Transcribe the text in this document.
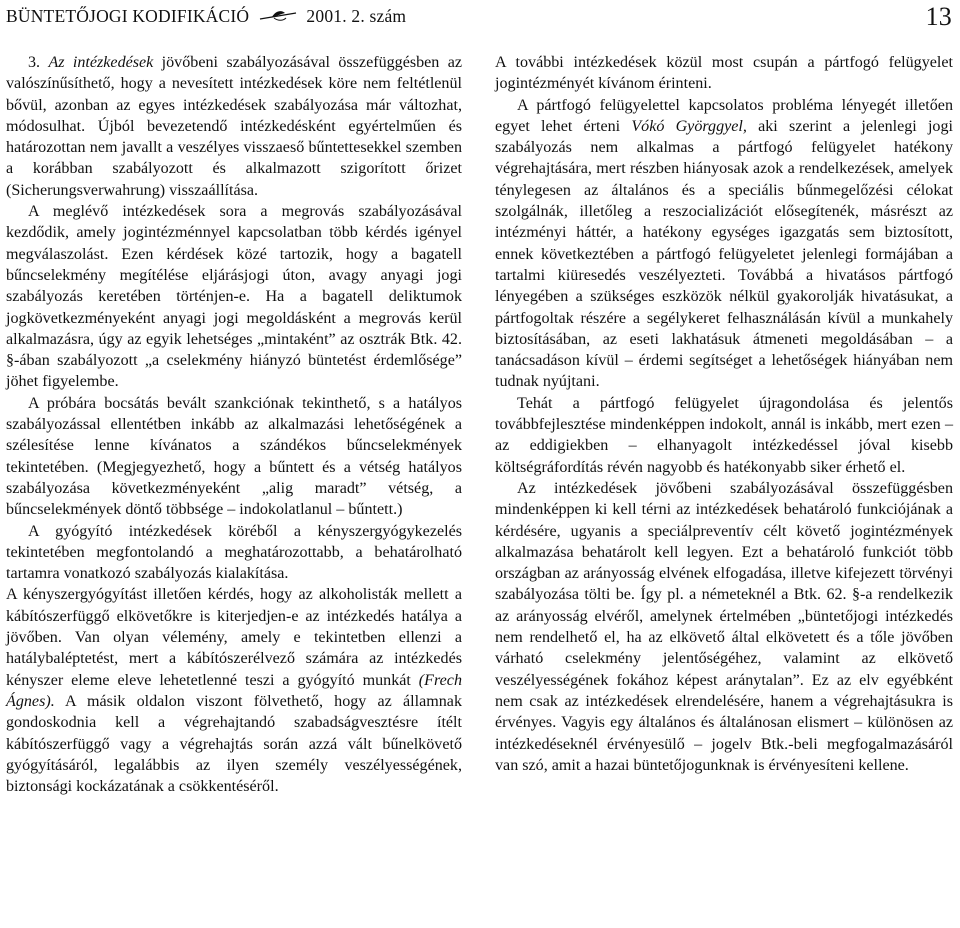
BÜNTETŐJOGI KODIFIKÁCIÓ	2001. 2. szám	13

3. Az intézkedések jövőbeni szabályozásával összefüggésben az valószínűsíthető, hogy a nevesített intézkedések köre nem feltétlenül bővül, azonban az egyes intézkedések szabályozása már változhat, módosulhat. Újból bevezetendő intézkedésként egyértelműen és határozottan nem javallt a veszélyes visszaeső bűntettesekkel szemben a korábban szabályozott és alkalmazott szigorított őrizet (Sicherungsverwahrung) visszaállítása.

A meglévő intézkedések sora a megrovás szabályozásával kezdődik, amely jogintézménnyel kapcsolatban több kérdés igényel megválaszolást. Ezen kérdések közé tartozik, hogy a bagatell bűncselekmény megítélése eljárásjogi úton, avagy anyagi jogi szabályozás keretében történjen-e. Ha a bagatell deliktumok jogkövetkezményeként anyagi jogi megoldásként a megrovás kerül alkalmazásra, úgy az egyik lehetséges „mintaként” az osztrák Btk. 42. §-ában szabályozott „a cselekmény hiányzó büntetést érdemlősége” jöhet figyelembe.

A próbára bocsátás bevált szankciónak tekinthető, s a hatályos szabályozással ellentétben inkább az alkalmazási lehetőségének a szélesítése lenne kívánatos a szándékos bűncselekmények tekintetében. (Megjegyezhető, hogy a bűntett és a vétség hatályos szabályozása következményeként „alig maradt” vétség, a bűncselekmények döntő többsége – indokolatlanul – bűntett.)

A gyógyító intézkedések köréből a kényszergyógykezelés tekintetében megfontolandó a meghatározottabb, a behatárolható tartamra vonatkozó szabályozás kialakítása.

A kényszergyógyítást illetően kérdés, hogy az alkoholisták mellett a kábítószerfüggő elkövetőkre is kiterjedjen-e az intézkedés hatálya a jövőben. Van olyan vélemény, amely e tekintetben ellenzi a hatálybaléptetést, mert a kábítószerélvező számára az intézkedés kényszer eleme eleve lehetetlenné teszi a gyógyító munkát (Frech Ágnes). A másik oldalon viszont fölvethető, hogy az államnak gondoskodnia kell a végrehajtandó szabadságvesztésre ítélt kábítószerfüggő vagy a végrehajtás során azzá vált bűnelkövető gyógyításáról, legalábbis az ilyen személy veszélyességének, biztonsági kockázatának a csökkentéséről.

A további intézkedések közül most csupán a pártfogó felügyelet jogintézményét kívánom érinteni.

A pártfogó felügyelettel kapcsolatos probléma lényegét illetően egyet lehet érteni Vókó Györggyel, aki szerint a jelenlegi jogi szabályozás nem alkalmas a pártfogó felügyelet hatékony végrehajtására, mert részben hiányosak azok a rendelkezések, amelyek ténylegesen az általános és a speciális bűnmegelőzési célokat szolgálnák, illetőleg a reszocializációt elősegítenék, másrészt az intézményi háttér, a hatékony egységes igazgatás sem biztosított, ennek következtében a pártfogó felügyeletet jelenlegi formájában a tartalmi kiüresedés veszélyezteti. Továbbá a hivatásos pártfogó lényegében a szükséges eszközök nélkül gyakorolják hivatásukat, a pártfogoltak részére a segélykeret felhasználásán kívül a munkahely biztosításában, az eseti lakhatásuk átmeneti megoldásában – a tanácsadáson kívül – érdemi segítséget a lehetőségek hiányában nem tudnak nyújtani.

Tehát a pártfogó felügyelet újragondolása és jelentős továbbfejlesztése mindenképpen indokolt, annál is inkább, mert ezen – az eddigiekben – elhanyagolt intézkedéssel jóval kisebb költségráfordítás révén nagyobb és hatékonyabb siker érhető el.

Az intézkedések jövőbeni szabályozásával összefüggésben mindenképpen ki kell térni az intézkedések behatároló funkciójának a kérdésére, ugyanis a speciálpreventív célt követő jogintézmények alkalmazása behatárolt kell legyen. Ezt a behatároló funkciót több országban az arányosság elvének elfogadása, illetve kifejezett törvényi szabályozása tölti be. Így pl. a németeknél a Btk. 62. §-a rendelkezik az arányosság elvéről, amelynek értelmében „büntetőjogi intézkedés nem rendelhető el, ha az elkövető által elkövetett és a tőle jövőben várható cselekmény jelentőségéhez, valamint az elkövető veszélyességének fokához képest aránytalan”. Ez az elv egyébként nem csak az intézkedések elrendelésére, hanem a végrehajtásukra is érvényes. Vagyis egy általános és általánosan elismert – különösen az intézkedéseknél érvényesülő – jogelv Btk.-beli megfogalmazásáról van szó, amit a hazai büntetőjogunknak is érvényesíteni kellene.
